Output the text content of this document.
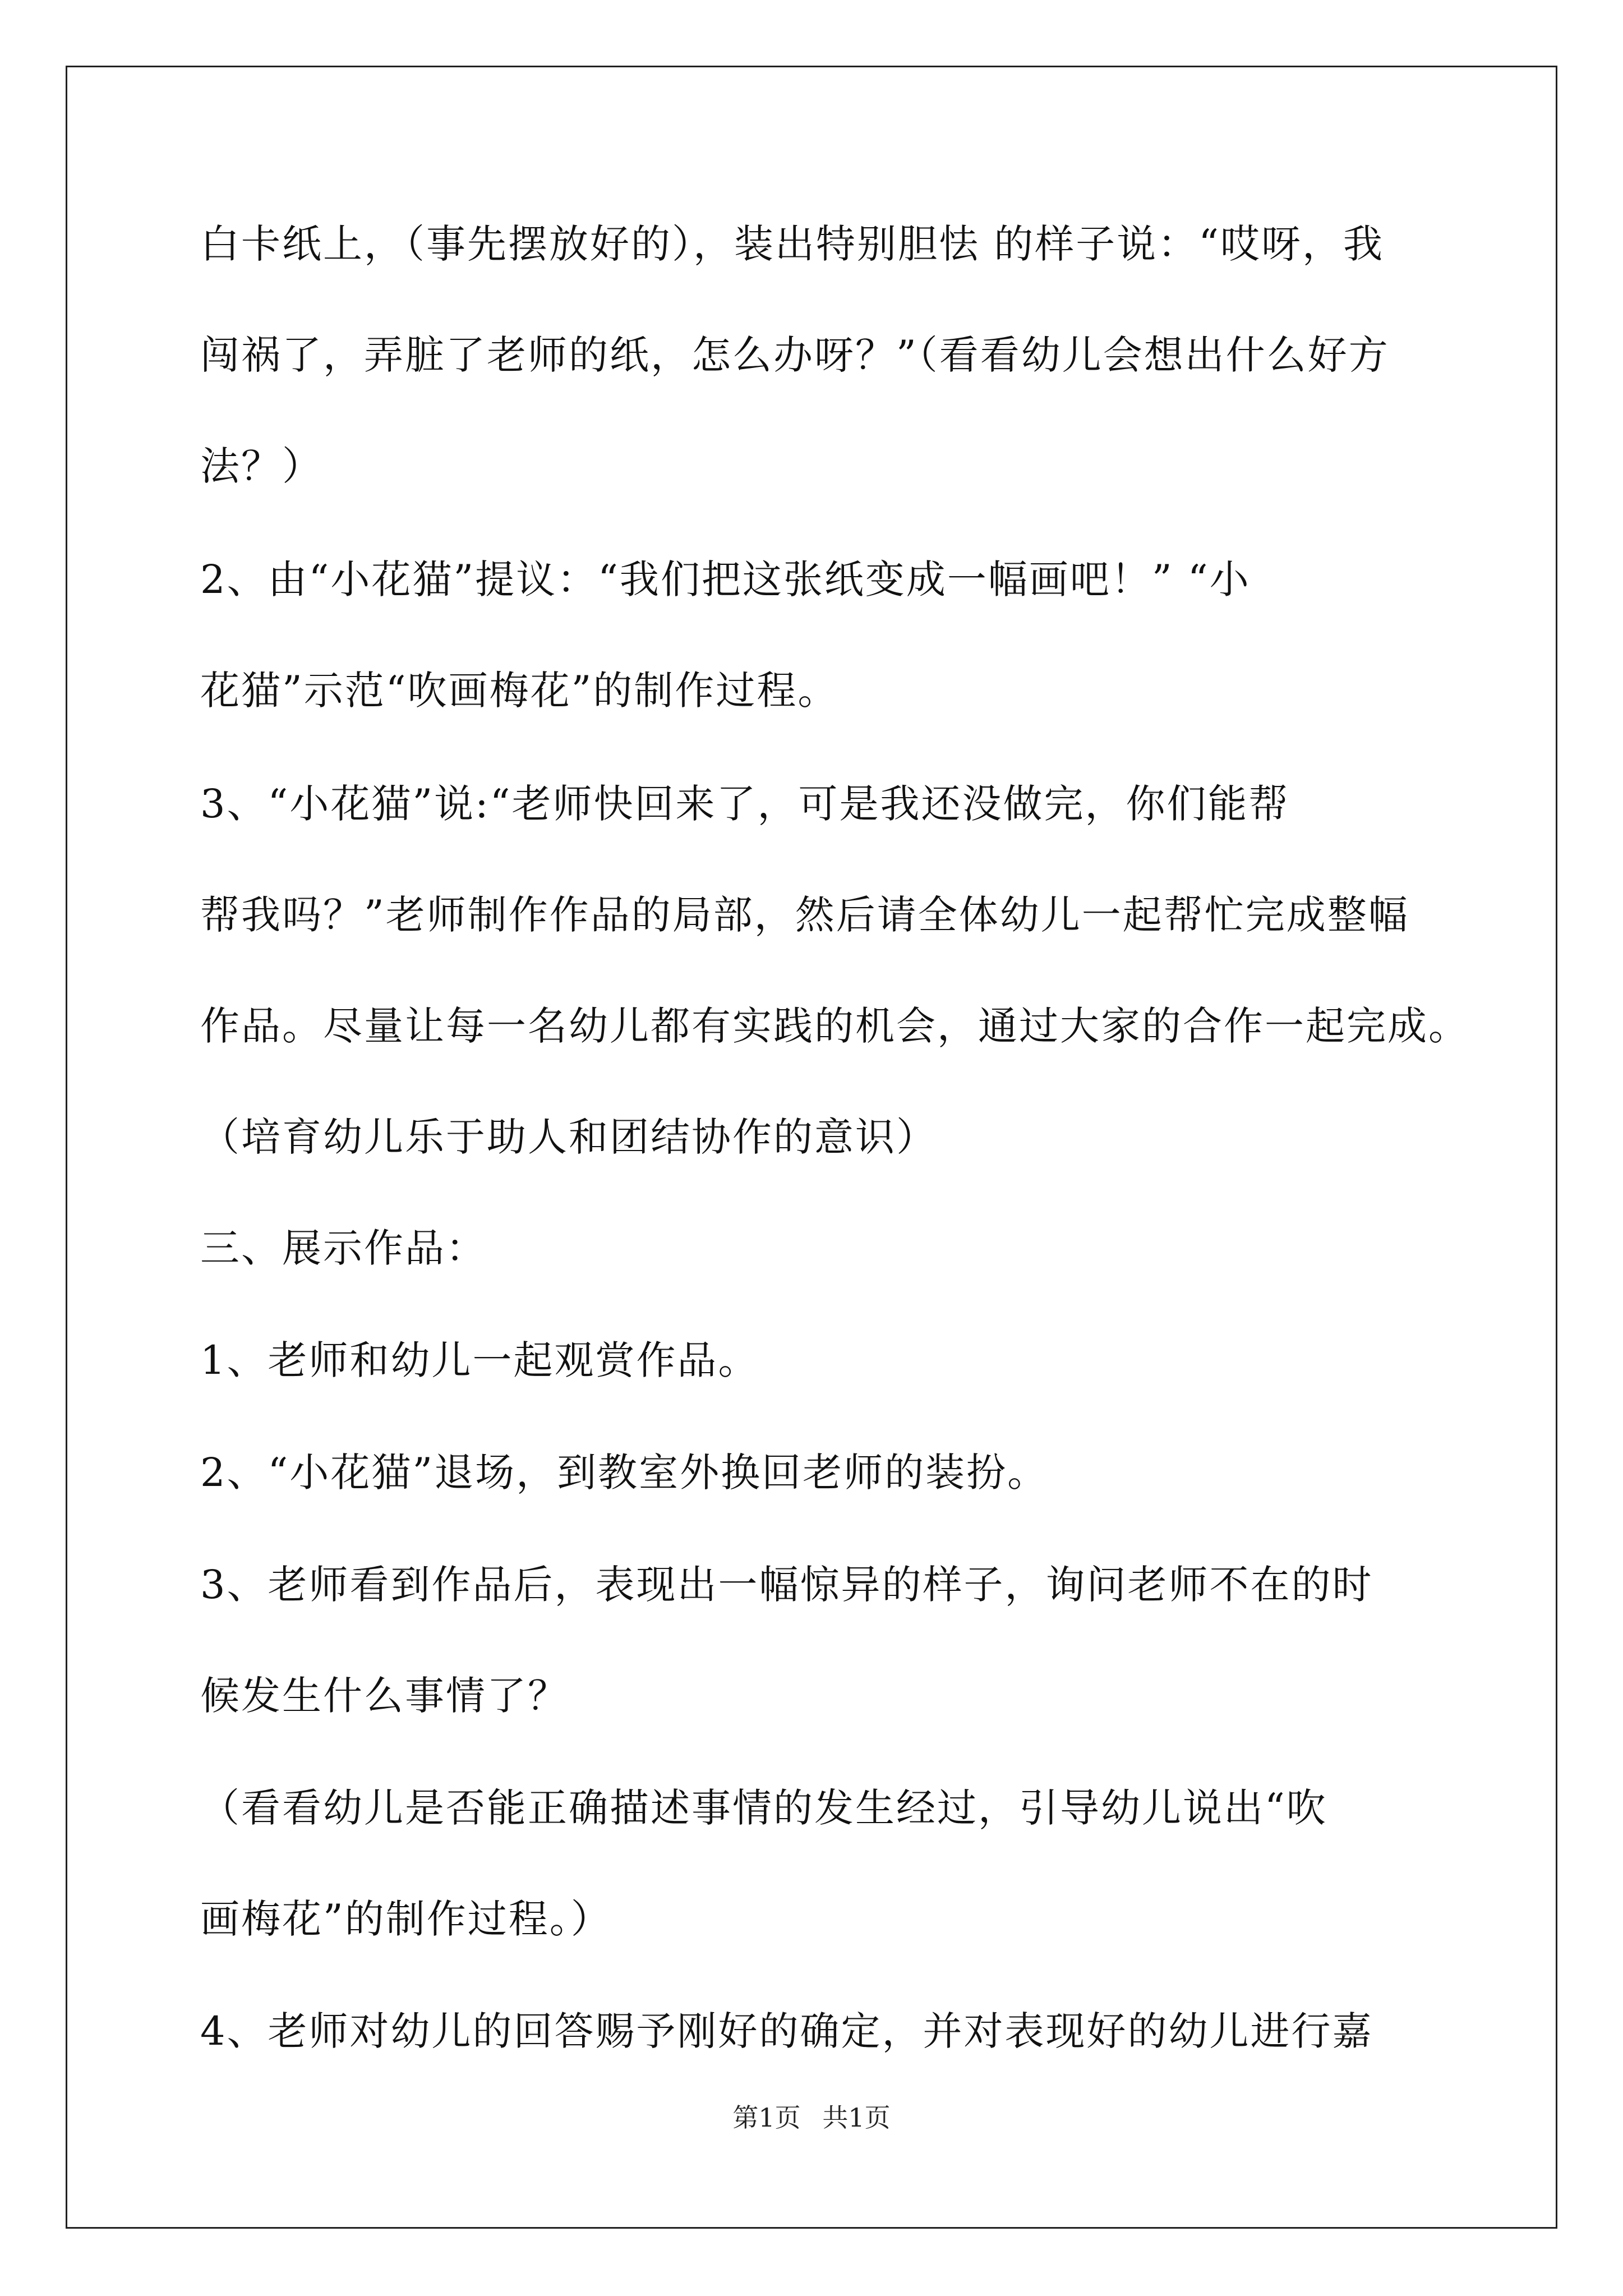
白卡纸上，（事先摆放好的），装出特别胆怯 的样子说：“哎呀，我
闯祸了，弄脏了老师的纸，怎么办呀？”（看看幼儿会想出什么好方
法？）
2、由“小花猫”提议：“我们把这张纸变成一幅画吧！” “小
花猫”示范“吹画梅花”的制作过程。
3、“小花猫”说:“老师快回来了，可是我还没做完，你们能帮
帮我吗？”老师制作作品的局部，然后请全体幼儿一起帮忙完成整幅
作品。尽量让每一名幼儿都有实践的机会，通过大家的合作一起完成。
（培育幼儿乐于助人和团结协作的意识）
三、展示作品：
1、老师和幼儿一起观赏作品。
2、“小花猫”退场，到教室外换回老师的装扮。
3、老师看到作品后，表现出一幅惊异的样子，询问老师不在的时
候发生什么事情了？
（看看幼儿是否能正确描述事情的发生经过，引导幼儿说出“吹
画梅花”的制作过程。）
4、老师对幼儿的回答赐予刚好的确定，并对表现好的幼儿进行嘉
第1页 共1页
